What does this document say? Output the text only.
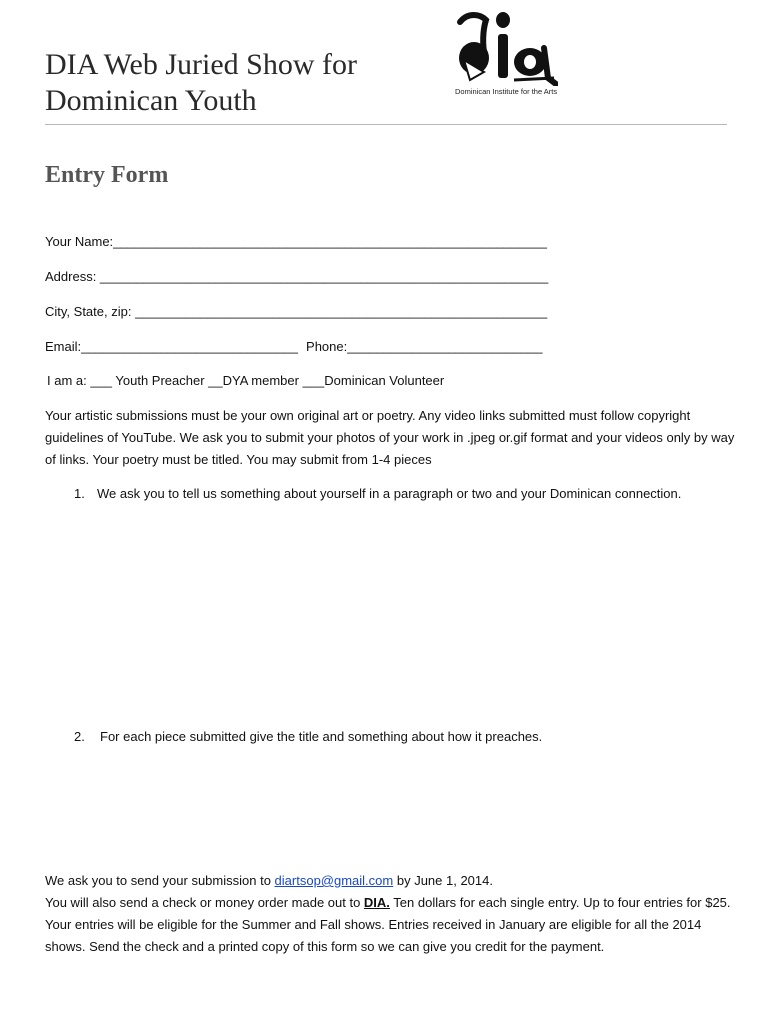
DIA Web Juried Show for
Dominican Youth	Dominican Institute for the Arts
Entry Form
Your Name:____________________________________________________________
Address: ______________________________________________________________
City, State, zip: _________________________________________________________
Email:______________________________ Phone:___________________________
I am a: ___ Youth Preacher __DYA member ___Dominican Volunteer

Your artistic submissions must be your own original art or poetry. Any video links submitted must follow copyright guidelines of YouTube. We ask you to submit your photos of your work in .jpeg or.gif format and your videos only by way of links. Your poetry must be titled. You may submit from 1-4 pieces

1. We ask you to tell us something about yourself in a paragraph or two and your Dominican connection.
2. For each piece submitted give the title and something about how it preaches.

We ask you to send your submission to diartsop@gmail.com by June 1, 2014.
You will also send a check or money order made out to DIA. Ten dollars for each single entry. Up to four entries for $25. Your entries will be eligible for the Summer and Fall shows. Entries received in January are eligible for all the 2014 shows. Send the check and a printed copy of this form so we can give you credit for the payment.
